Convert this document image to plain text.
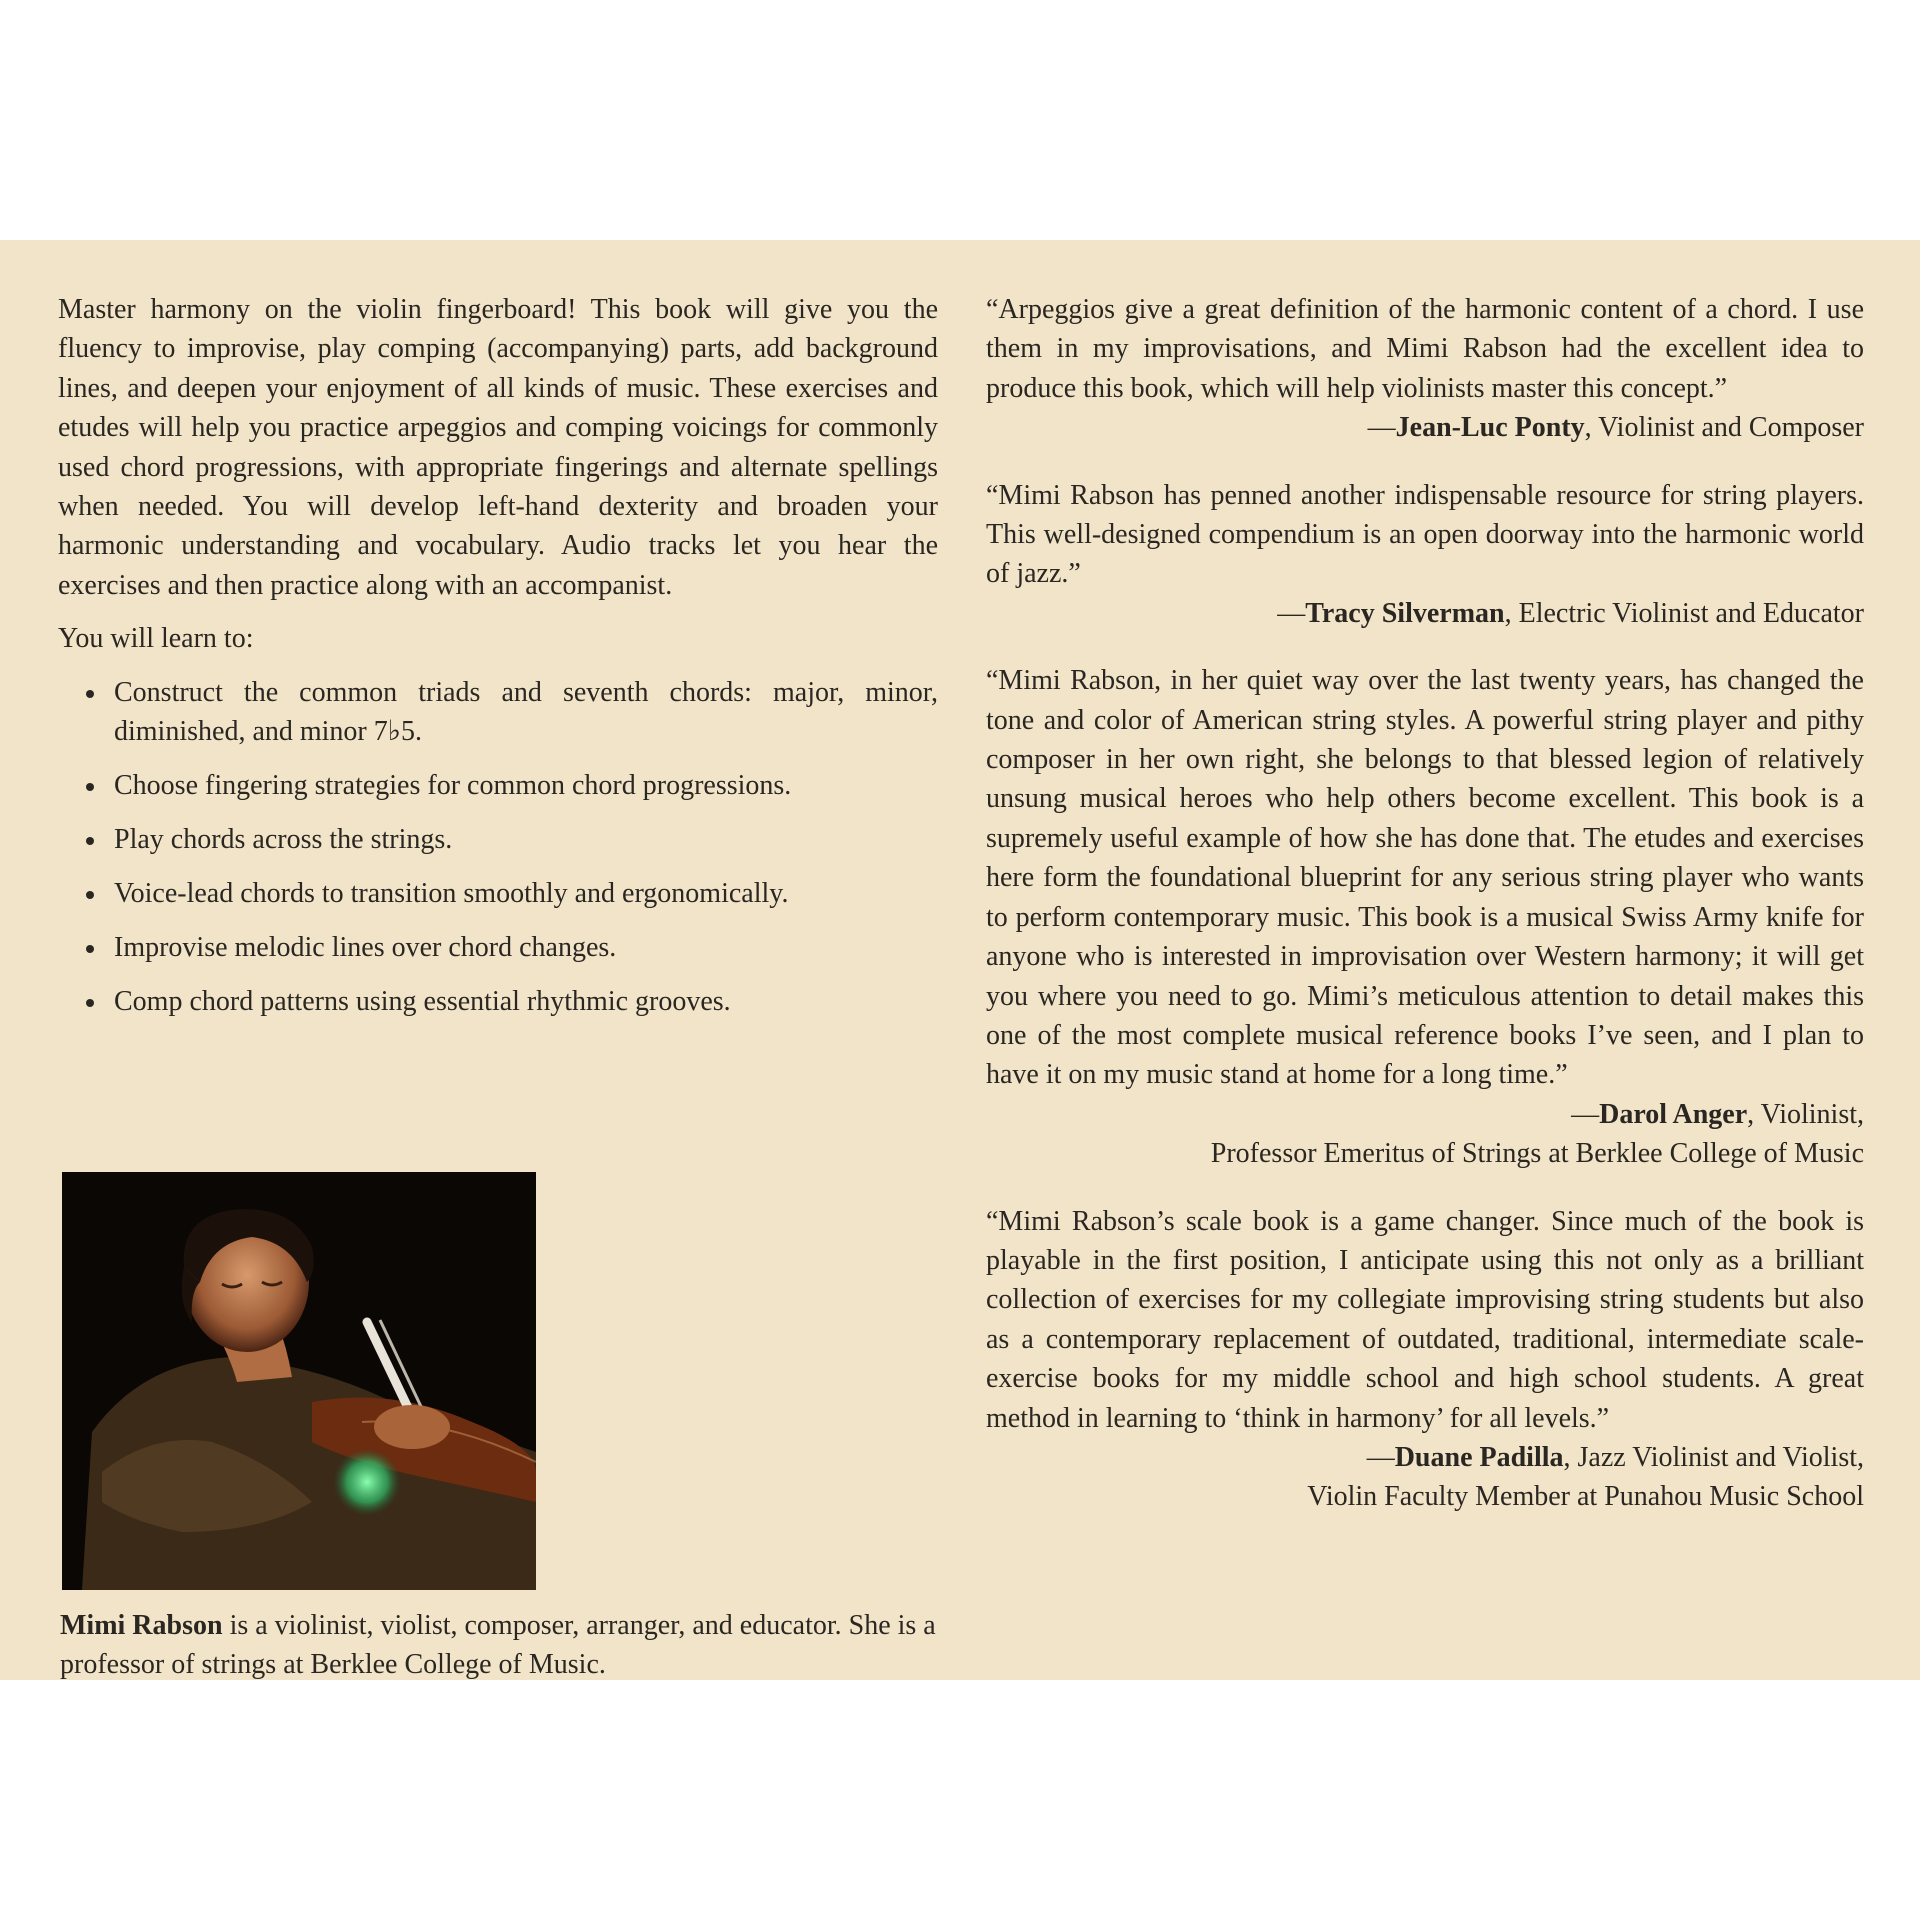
Master harmony on the violin fingerboard! This book will give you the fluency to improvise, play comping (accompanying) parts, add background lines, and deepen your enjoyment of all kinds of music. These exercises and etudes will help you practice arpeggios and comping voicings for commonly used chord progressions, with appropriate fingerings and alternate spellings when needed. You will develop left-hand dexterity and broaden your harmonic understanding and vocabulary. Audio tracks let you hear the exercises and then practice along with an accompanist.

You will learn to:

Construct the common triads and seventh chords: major, minor, diminished, and minor 7♭5.
Choose fingering strategies for common chord progressions.
Play chords across the strings.
Voice-lead chords to transition smoothly and ergonomically.
Improvise melodic lines over chord changes.
Comp chord patterns using essential rhythmic grooves.

Mimi Rabson is a violinist, violist, composer, arranger, and educator. She is a professor of strings at Berklee College of Music.

“Arpeggios give a great definition of the harmonic content of a chord. I use them in my improvisations, and Mimi Rabson had the excellent idea to produce this book, which will help violinists master this concept.”

—Jean-Luc Ponty, Violinist and Composer

“Mimi Rabson has penned another indispensable resource for string players. This well-designed compendium is an open doorway into the harmonic world of jazz.”

—Tracy Silverman, Electric Violinist and Educator

“Mimi Rabson, in her quiet way over the last twenty years, has changed the tone and color of American string styles. A powerful string player and pithy composer in her own right, she belongs to that blessed legion of relatively unsung musical heroes who help others become excellent. This book is a supremely useful example of how she has done that. The etudes and exercises here form the foundational blueprint for any serious string player who wants to perform contemporary music. This book is a musical Swiss Army knife for anyone who is interested in improvisation over Western harmony; it will get you where you need to go. Mimi’s meticulous attention to detail makes this one of the most complete musical reference books I’ve seen, and I plan to have it on my music stand at home for a long time.”

—Darol Anger, Violinist,

Professor Emeritus of Strings at Berklee College of Music

“Mimi Rabson’s scale book is a game changer. Since much of the book is playable in the first position, I anticipate using this not only as a brilliant collection of exercises for my collegiate improvising string students but also as a contemporary replacement of outdated, traditional, intermediate scale-exercise books for my middle school and high school students. A great method in learning to ‘think in harmony’ for all levels.”

—Duane Padilla, Jazz Violinist and Violist,

Violin Faculty Member at Punahou Music School
